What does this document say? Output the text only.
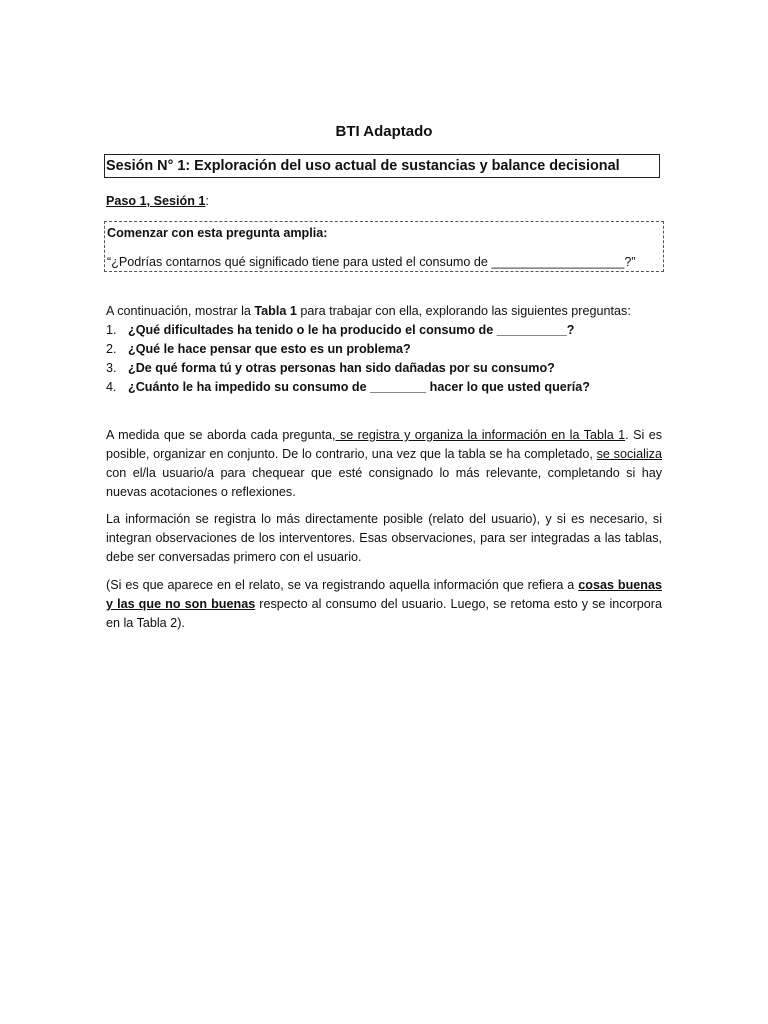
BTI Adaptado
Sesión N° 1: Exploración del uso actual de sustancias y balance decisional
Paso 1, Sesión 1:
Comenzar con esta pregunta amplia:
“¿Podrías contarnos qué significado tiene para usted el consumo de ___________________?”
A continuación, mostrar la Tabla 1 para trabajar con ella, explorando las siguientes preguntas:
1. ¿Qué dificultades ha tenido o le ha producido el consumo de __________?
2. ¿Qué le hace pensar que esto es un problema?
3. ¿De qué forma tú y otras personas han sido dañadas por su consumo?
4. ¿Cuánto le ha impedido su consumo de ________ hacer lo que usted quería?
A medida que se aborda cada pregunta, se registra y organiza la información en la Tabla 1. Si es posible, organizar en conjunto. De lo contrario, una vez que la tabla se ha completado, se socializa con el/la usuario/a para chequear que esté consignado lo más relevante, completando si hay nuevas acotaciones o reflexiones.
La información se registra lo más directamente posible (relato del usuario), y si es necesario, si integran observaciones de los interventores. Esas observaciones, para ser integradas a las tablas, debe ser conversadas primero con el usuario.
(Si es que aparece en el relato, se va registrando aquella información que refiera a cosas buenas y las que no son buenas respecto al consumo del usuario. Luego, se retoma esto y se incorpora en la Tabla 2).
